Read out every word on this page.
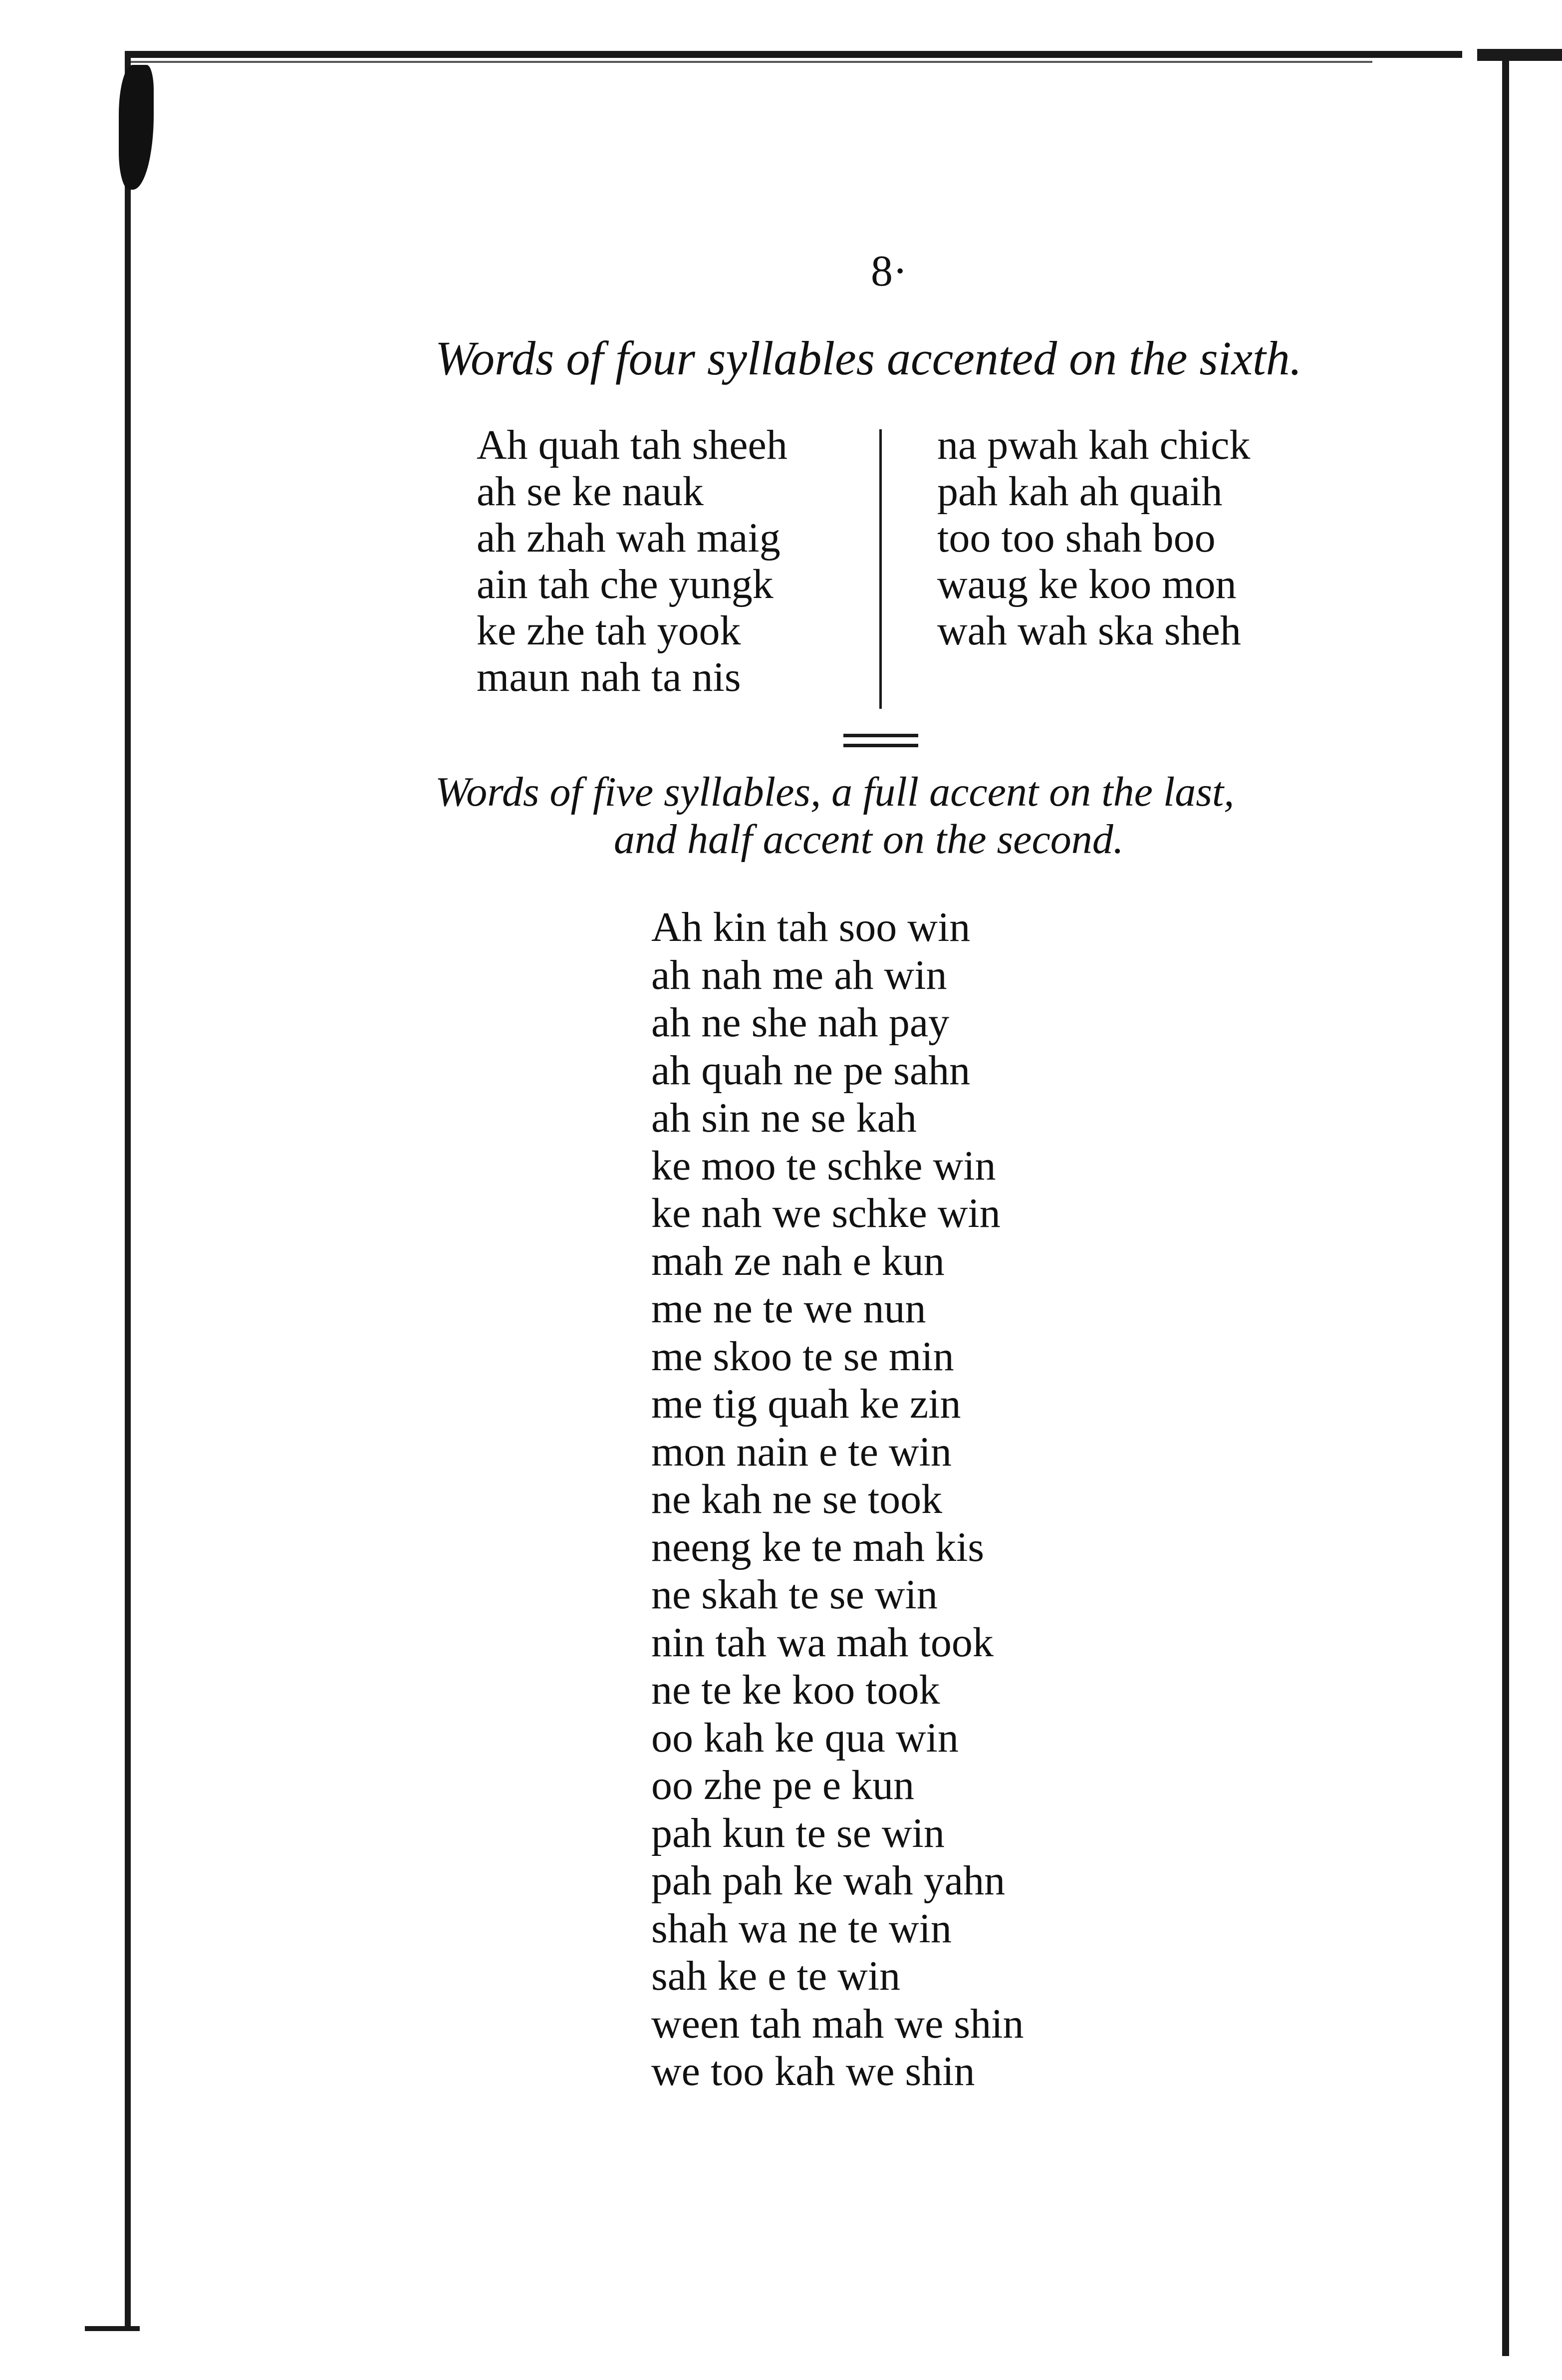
8·
Words of four syllables accented on the sixth.
Ah quah tah sheeh
ah se ke nauk
ah zhah wah maig
ain tah che yungk
ke zhe tah yook
maun nah ta nis
na pwah kah chick
pah kah ah quaih
too too shah boo
waug ke koo mon
wah wah ska sheh
Words of five syllables, a full accent on the last,
and half accent on the second.
Ah kin tah soo win
ah nah me ah win
ah ne she nah pay
ah quah ne pe sahn
ah sin ne se kah
ke moo te schke win
ke nah we schke win
mah ze nah e kun
me ne te we nun
me skoo te se min
me tig quah ke zin
mon nain e te win
ne kah ne se took
neeng ke te mah kis
ne skah te se win
nin tah wa mah took
ne te ke koo took
oo kah ke qua win
oo zhe pe e kun
pah kun te se win
pah pah ke wah yahn
shah wa ne te win
sah ke e te win
ween tah mah we shin
we too kah we shin
